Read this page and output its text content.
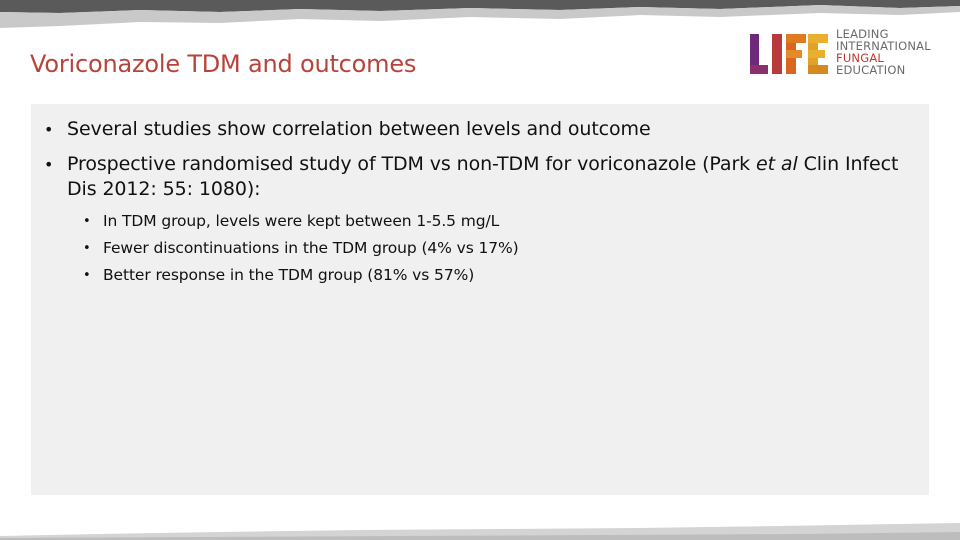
Voriconazole TDM and outcomes
LEADING
INTERNATIONAL
FUNGAL
EDUCATION
• Several studies show correlation between levels and outcome
• Prospective randomised study of TDM vs non-TDM for voriconazole (Park et al Clin Infect Dis 2012: 55: 1080):
• In TDM group, levels were kept between 1-5.5 mg/L
• Fewer discontinuations in the TDM group (4% vs 17%)
• Better response in the TDM group (81% vs 57%)
